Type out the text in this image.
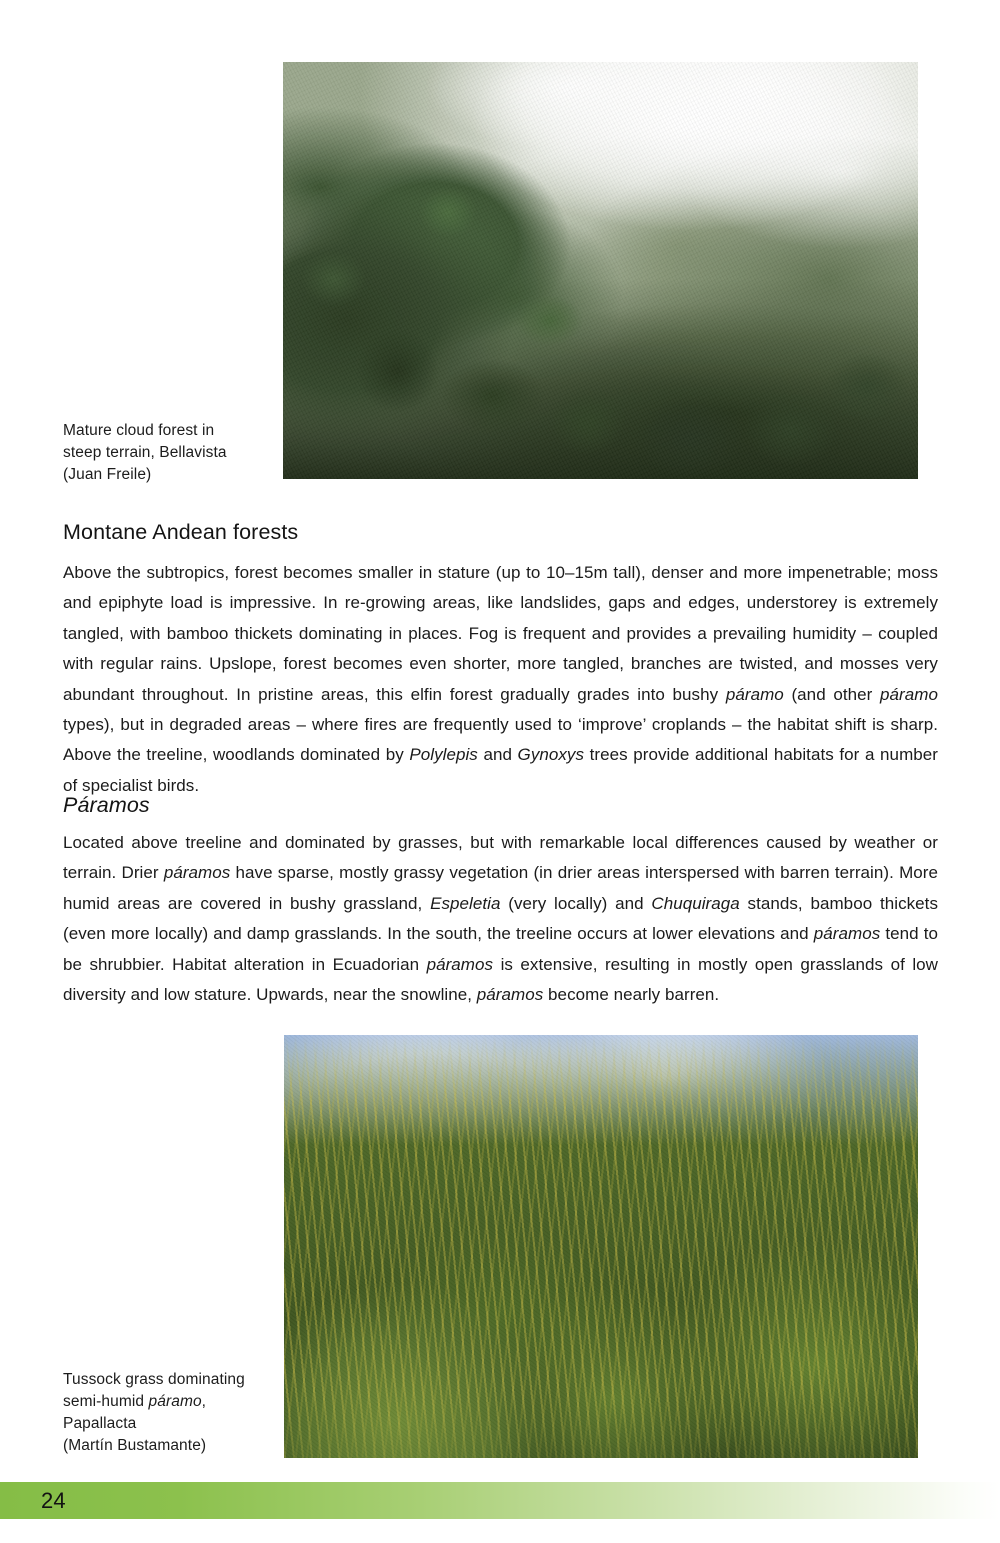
Mature cloud forest in
steep terrain, Bellavista
(Juan Freile)
Montane Andean forests

Above the subtropics, forest becomes smaller in stature (up to 10–15m tall), denser and more impenetrable; moss and epiphyte load is impressive. In re-growing areas, like landslides, gaps and edges, understorey is extremely tangled, with bamboo thickets dominating in places. Fog is frequent and provides a prevailing humidity – coupled with regular rains. Upslope, forest becomes even shorter, more tangled, branches are twisted, and mosses very abundant throughout. In pristine areas, this elfin forest gradually grades into bushy páramo (and other páramo types), but in degraded areas – where fires are frequently used to ‘improve’ croplands – the habitat shift is sharp. Above the treeline, woodlands dominated by Polylepis and Gynoxys trees provide additional habitats for a number of specialist birds.

Páramos

Located above treeline and dominated by grasses, but with remarkable local differences caused by weather or terrain. Drier páramos have sparse, mostly grassy vegetation (in drier areas interspersed with barren terrain). More humid areas are covered in bushy grassland, Espeletia (very locally) and Chuquiraga stands, bamboo thickets (even more locally) and damp grasslands. In the south, the treeline occurs at lower elevations and páramos tend to be shrubbier. Habitat alteration in Ecuadorian páramos is extensive, resulting in mostly open grasslands of low diversity and low stature. Upwards, near the snowline, páramos become nearly barren.

Tussock grass dominating
semi-humid páramo,
Papallacta
(Martín Bustamante)
24
